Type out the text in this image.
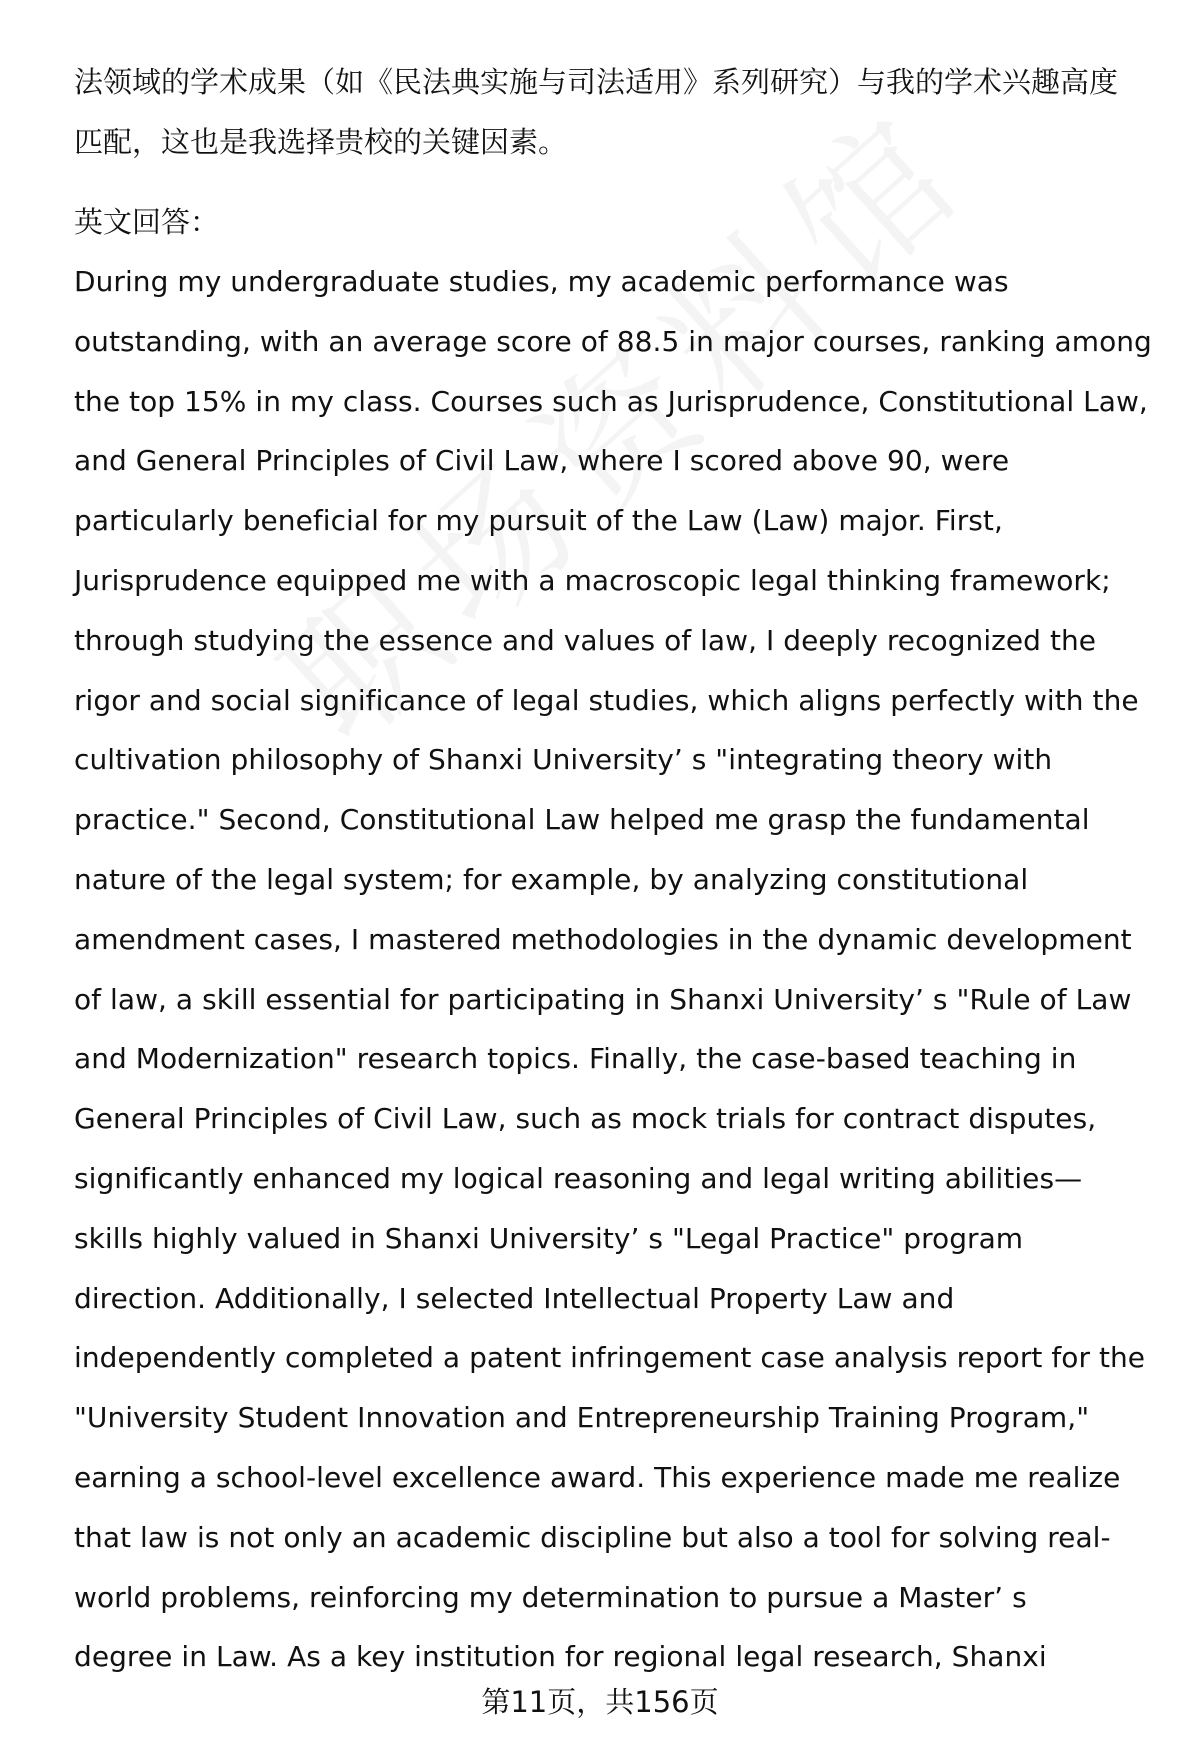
法领域的学术成果（如《民法典实施与司法适用》系列研究）与我的学术兴趣高度
匹配，这也是我选择贵校的关键因素。
英文回答：
During my undergraduate studies, my academic performance was
outstanding, with an average score of 88.5 in major courses, ranking among
the top 15% in my class. Courses such as Jurisprudence, Constitutional Law,
and General Principles of Civil Law, where I scored above 90, were
particularly beneficial for my pursuit of the Law (Law) major. First,
Jurisprudence equipped me with a macroscopic legal thinking framework;
through studying the essence and values of law, I deeply recognized the
rigor and social significance of legal studies, which aligns perfectly with the
cultivation philosophy of Shanxi University’ s "integrating theory with
practice." Second, Constitutional Law helped me grasp the fundamental
nature of the legal system; for example, by analyzing constitutional
amendment cases, I mastered methodologies in the dynamic development
of law, a skill essential for participating in Shanxi University’ s "Rule of Law
and Modernization" research topics. Finally, the case-based teaching in
General Principles of Civil Law, such as mock trials for contract disputes,
significantly enhanced my logical reasoning and legal writing abilities—
skills highly valued in Shanxi University’ s "Legal Practice" program
direction. Additionally, I selected Intellectual Property Law and
independently completed a patent infringement case analysis report for the
"University Student Innovation and Entrepreneurship Training Program,"
earning a school-level excellence award. This experience made me realize
that law is not only an academic discipline but also a tool for solving real-
world problems, reinforcing my determination to pursue a Master’ s
degree in Law. As a key institution for regional legal research, Shanxi
第11页，共156页
